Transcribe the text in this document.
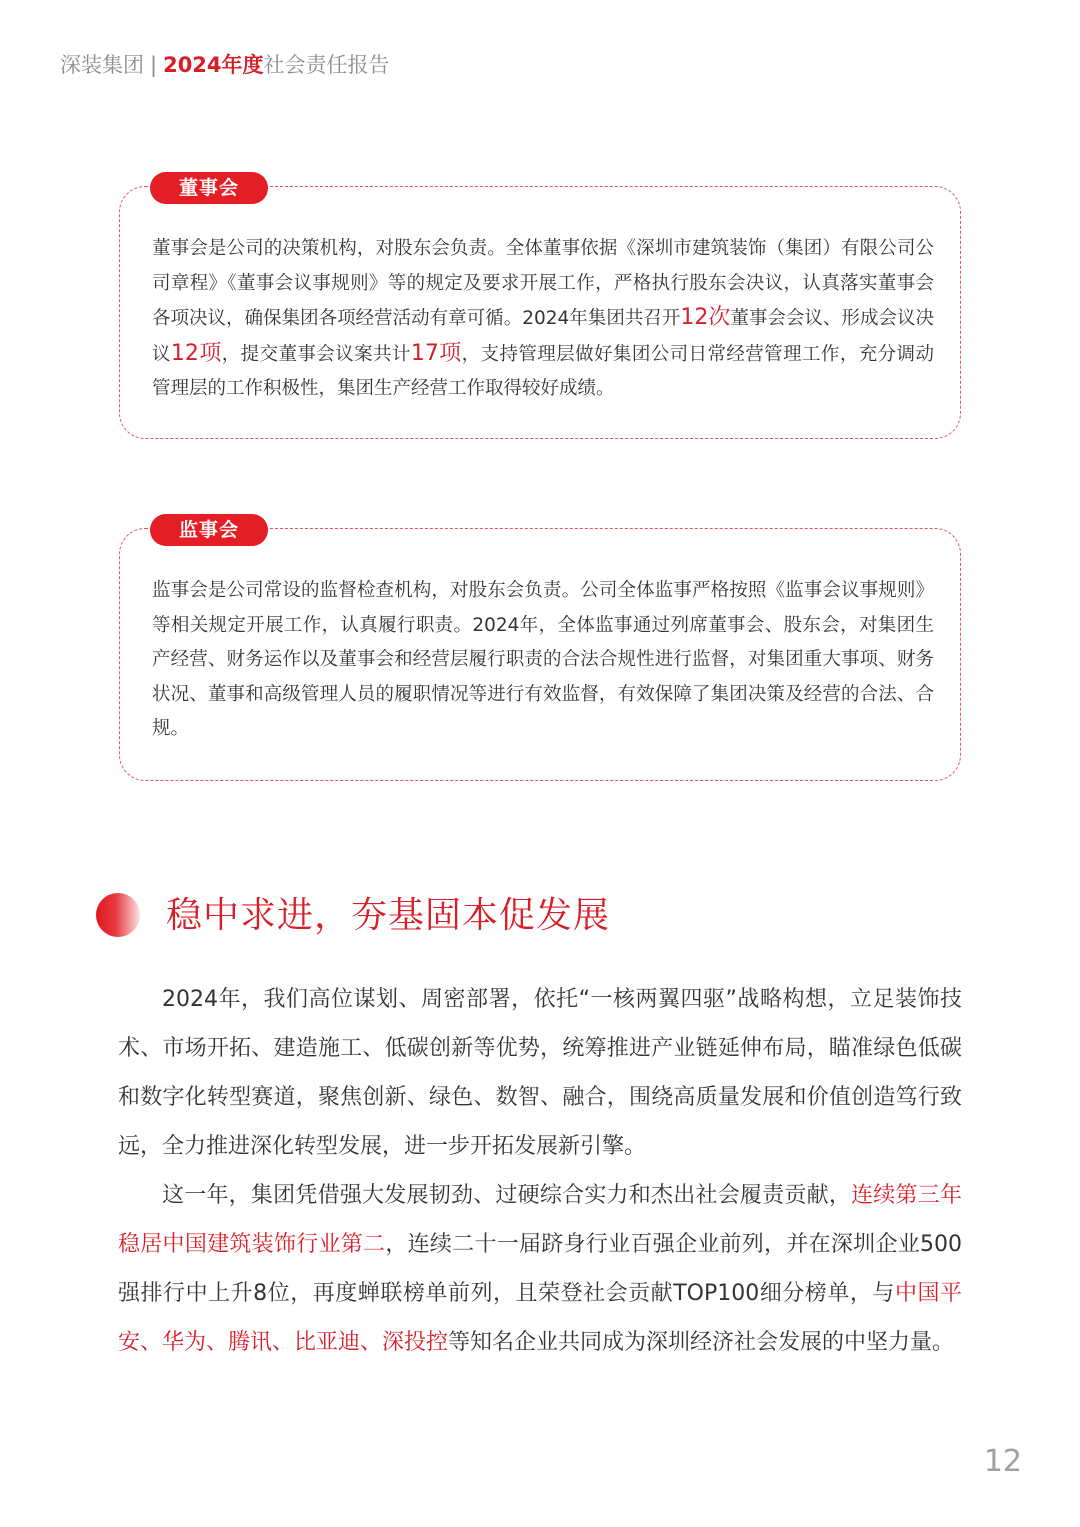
深装集团 | 2024年度社会责任报告
董事会

董事会是公司的决策机构，对股东会负责。全体董事依据《深圳市建筑装饰（集团）有限公司公司章程》《董事会议事规则》等的规定及要求开展工作，严格执行股东会决议，认真落实董事会各项决议，确保集团各项经营活动有章可循。2024年集团共召开12次董事会会议、形成会议决议12项，提交董事会议案共计17项，支持管理层做好集团公司日常经营管理工作，充分调动管理层的工作积极性，集团生产经营工作取得较好成绩。

监事会

监事会是公司常设的监督检查机构，对股东会负责。公司全体监事严格按照《监事会议事规则》等相关规定开展工作，认真履行职责。2024年，全体监事通过列席董事会、股东会，对集团生产经营、财务运作以及董事会和经营层履行职责的合法合规性进行监督，对集团重大事项、财务状况、董事和高级管理人员的履职情况等进行有效监督，有效保障了集团决策及经营的合法、合规。

稳中求进，夯基固本促发展

2024年，我们高位谋划、周密部署，依托“一核两翼四驱”战略构想，立足装饰技术、市场开拓、建造施工、低碳创新等优势，统筹推进产业链延伸布局，瞄准绿色低碳和数字化转型赛道，聚焦创新、绿色、数智、融合，围绕高质量发展和价值创造笃行致远，全力推进深化转型发展，进一步开拓发展新引擎。

这一年，集团凭借强大发展韧劲、过硬综合实力和杰出社会履责贡献，连续第三年稳居中国建筑装饰行业第二，连续二十一届跻身行业百强企业前列，并在深圳企业500强排行中上升8位，再度蝉联榜单前列，且荣登社会贡献TOP100细分榜单，与中国平安、华为、腾讯、比亚迪、深投控等知名企业共同成为深圳经济社会发展的中坚力量。

12
